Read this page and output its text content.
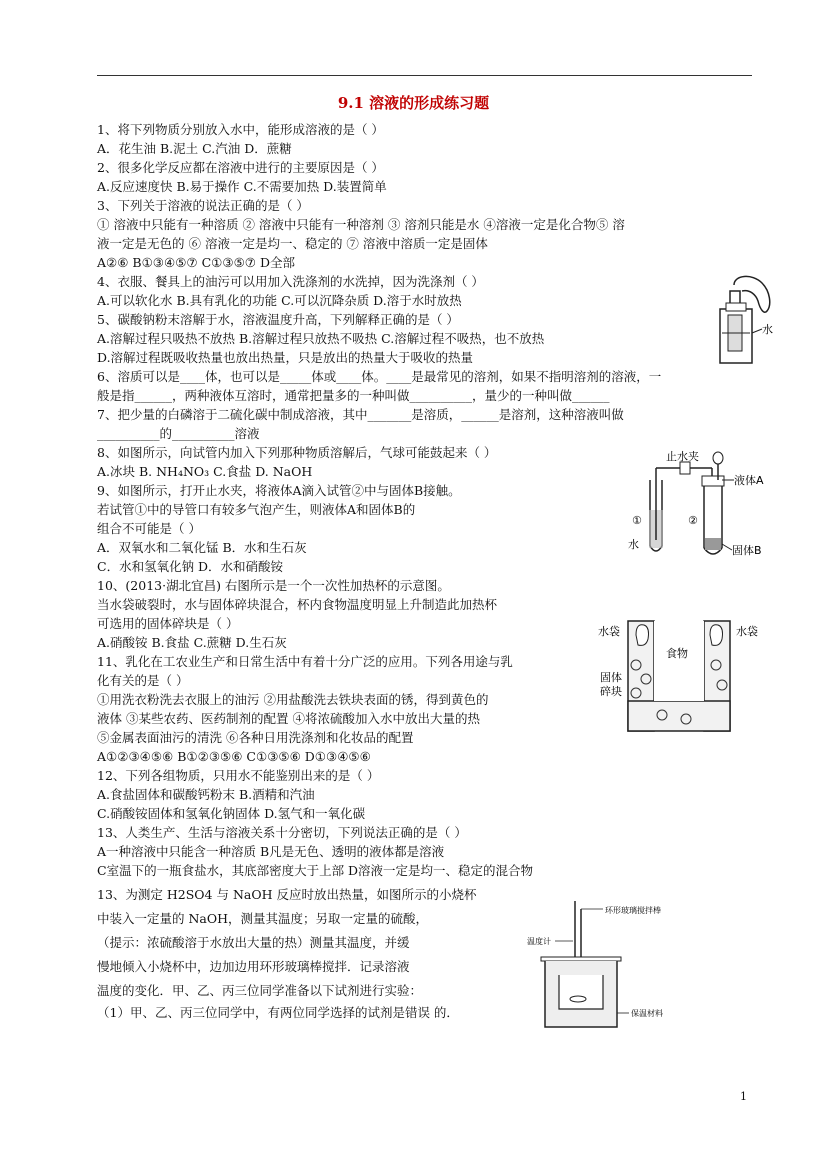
9.1 溶液的形成练习题
1、将下列物质分别放入水中，能形成溶液的是（ ）
A．花生油 B.泥土 C.汽油 D．蔗糖
2、很多化学反应都在溶液中进行的主要原因是（ ）
A.反应速度快 B.易于操作 C.不需要加热 D.装置简单
3、下列关于溶液的说法正确的是（ ）
① 溶液中只能有一种溶质 ② 溶液中只能有一种溶剂 ③ 溶剂只能是水 ④溶液一定是化合物⑤ 溶
液一定是无色的 ⑥ 溶液一定是均一、稳定的 ⑦ 溶液中溶质一定是固体
A②⑥ B①③④⑤⑦ C①③⑤⑦ D全部
4、衣服、餐具上的油污可以用加入洗涤剂的水洗掉，因为洗涤剂（ ）
A.可以软化水 B.具有乳化的功能 C.可以沉降杂质 D.溶于水时放热
5、碳酸钠粉末溶解于水，溶液温度升高，下列解释正确的是（ ）
A.溶解过程只吸热不放热 B.溶解过程只放热不吸热 C.溶解过程不吸热，也不放热
D.溶解过程既吸收热量也放出热量，只是放出的热量大于吸收的热量
6、溶质可以是____体，也可以是_____体或____体。____是最常见的溶剂，如果不指明溶剂的溶液，一
般是指______，两种液体互溶时，通常把量多的一种叫做__________，量少的一种叫做______
7、把少量的白磷溶于二硫化碳中制成溶液，其中_______是溶质，______是溶剂，这种溶液叫做
__________的__________溶液
8、如图所示，向试管内加入下列那种物质溶解后，气球可能鼓起来（ ）
A.冰块 B. NH₄NO₃ C.食盐 D. NaOH
9、如图所示，打开止水夹，将液体A滴入试管②中与固体B接触。
若试管①中的导管口有较多气泡产生，则液体A和固体B的
组合不可能是（ ）
A．双氧水和二氧化锰 B．水和生石灰
C．水和氢氧化钠 D．水和硝酸铵
10、(2013·湖北宜昌) 右图所示是一个一次性加热杯的示意图。
当水袋破裂时，水与固体碎块混合，杯内食物温度明显上升制造此加热杯
可选用的固体碎块是（ ）
A.硝酸铵 B.食盐 C.蔗糖 D.生石灰
11、乳化在工农业生产和日常生活中有着十分广泛的应用。下列各用途与乳
化有关的是（ ）
①用洗衣粉洗去衣服上的油污 ②用盐酸洗去铁块表面的锈，得到黄色的
液体 ③某些农药、医药制剂的配置 ④将浓硫酸加入水中放出大量的热
⑤金属表面油污的清洗 ⑥各种日用洗涤剂和化妆品的配置
A①②③④⑤⑥ B①②③⑤⑥ C①③⑤⑥ D①③④⑤⑥
12、下列各组物质，只用水不能鉴别出来的是（ ）
A.食盐固体和碳酸钙粉末 B.酒精和汽油
C.硝酸铵固体和氢氧化钠固体 D.氢气和一氧化碳
13、人类生产、生活与溶液关系十分密切，下列说法正确的是（ ）
A一种溶液中只能含一种溶质 B凡是无色、透明的液体都是溶液
C室温下的一瓶食盐水，其底部密度大于上部 D溶液一定是均一、稳定的混合物
13、为测定 H2SO4 与 NaOH 反应时放出热量，如图所示的小烧杯
中装入一定量的 NaOH，测量其温度；另取一定量的硫酸，
（提示：浓硫酸溶于水放出大量的热）测量其温度，并缓
慢地倾入小烧杯中，边加边用环形玻璃棒搅拌．记录溶液
温度的变化．甲、乙、丙三位同学准备以下试剂进行实验：
（1）甲、乙、丙三位同学中，有两位同学选择的试剂是错误 的．
水
止水夹
液体A
①	②
水	固体B
水袋	水袋
食物
固体
碎块
环形玻璃搅拌棒
温度计
保温材料
1
